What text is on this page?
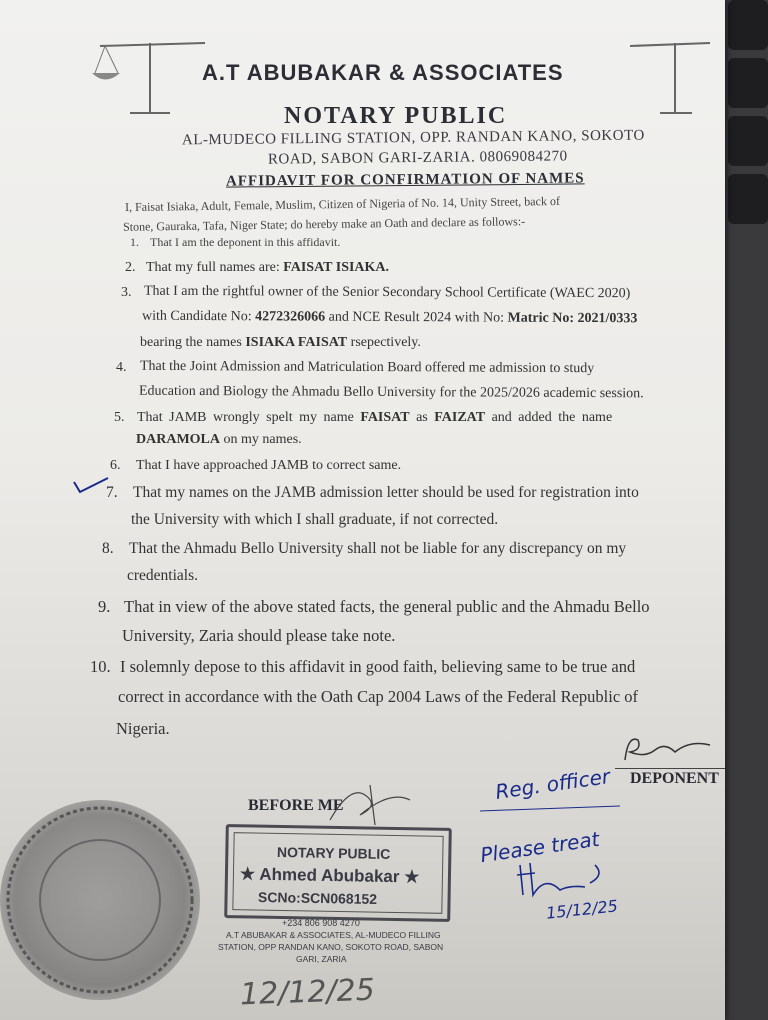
A.T ABUBAKAR & ASSOCIATES
NOTARY PUBLIC
AL-MUDECO FILLING STATION, OPP. RANDAN KANO, SOKOTO
ROAD, SABON GARI-ZARIA. 08069084270
AFFIDAVIT FOR CONFIRMATION OF NAMES
I, Faisat Isiaka, Adult, Female, Muslim, Citizen of Nigeria of No. 14, Unity Street, back of
Stone, Gauraka, Tafa, Niger State; do hereby make an Oath and declare as follows:-
1. That I am the deponent in this affidavit.
2. That my full names are: FAISAT ISIAKA.
3. That I am the rightful owner of the Senior Secondary School Certificate (WAEC 2020)
with Candidate No: 4272326066 and NCE Result 2024 with No: Matric No: 2021/0333
bearing the names ISIAKA FAISAT rsepectively.
4. That the Joint Admission and Matriculation Board offered me admission to study
Education and Biology the Ahmadu Bello University for the 2025/2026 academic session.
5. That JAMB wrongly spelt my name FAISAT as FAIZAT and added the name
DARAMOLA on my names.
6. That I have approached JAMB to correct same.
7. That my names on the JAMB admission letter should be used for registration into
the University with which I shall graduate, if not corrected.
8. That the Ahmadu Bello University shall not be liable for any discrepancy on my
credentials.
9. That in view of the above stated facts, the general public and the Ahmadu Bello
University, Zaria should please take note.
10. I solemnly depose to this affidavit in good faith, believing same to be true and
correct in accordance with the Oath Cap 2004 Laws of the Federal Republic of
Nigeria.
DEPONENT
Reg. officer
Please treat
15/12/25
BEFORE ME
NOTARY PUBLIC
★ Ahmed Abubakar ★
SCNo:SCN068152
+234 806 908 4270
A.T ABUBAKAR & ASSOCIATES, AL-MUDECO FILLING
STATION, OPP RANDAN KANO, SOKOTO ROAD, SABON
GARI, ZARIA
12/12/25
